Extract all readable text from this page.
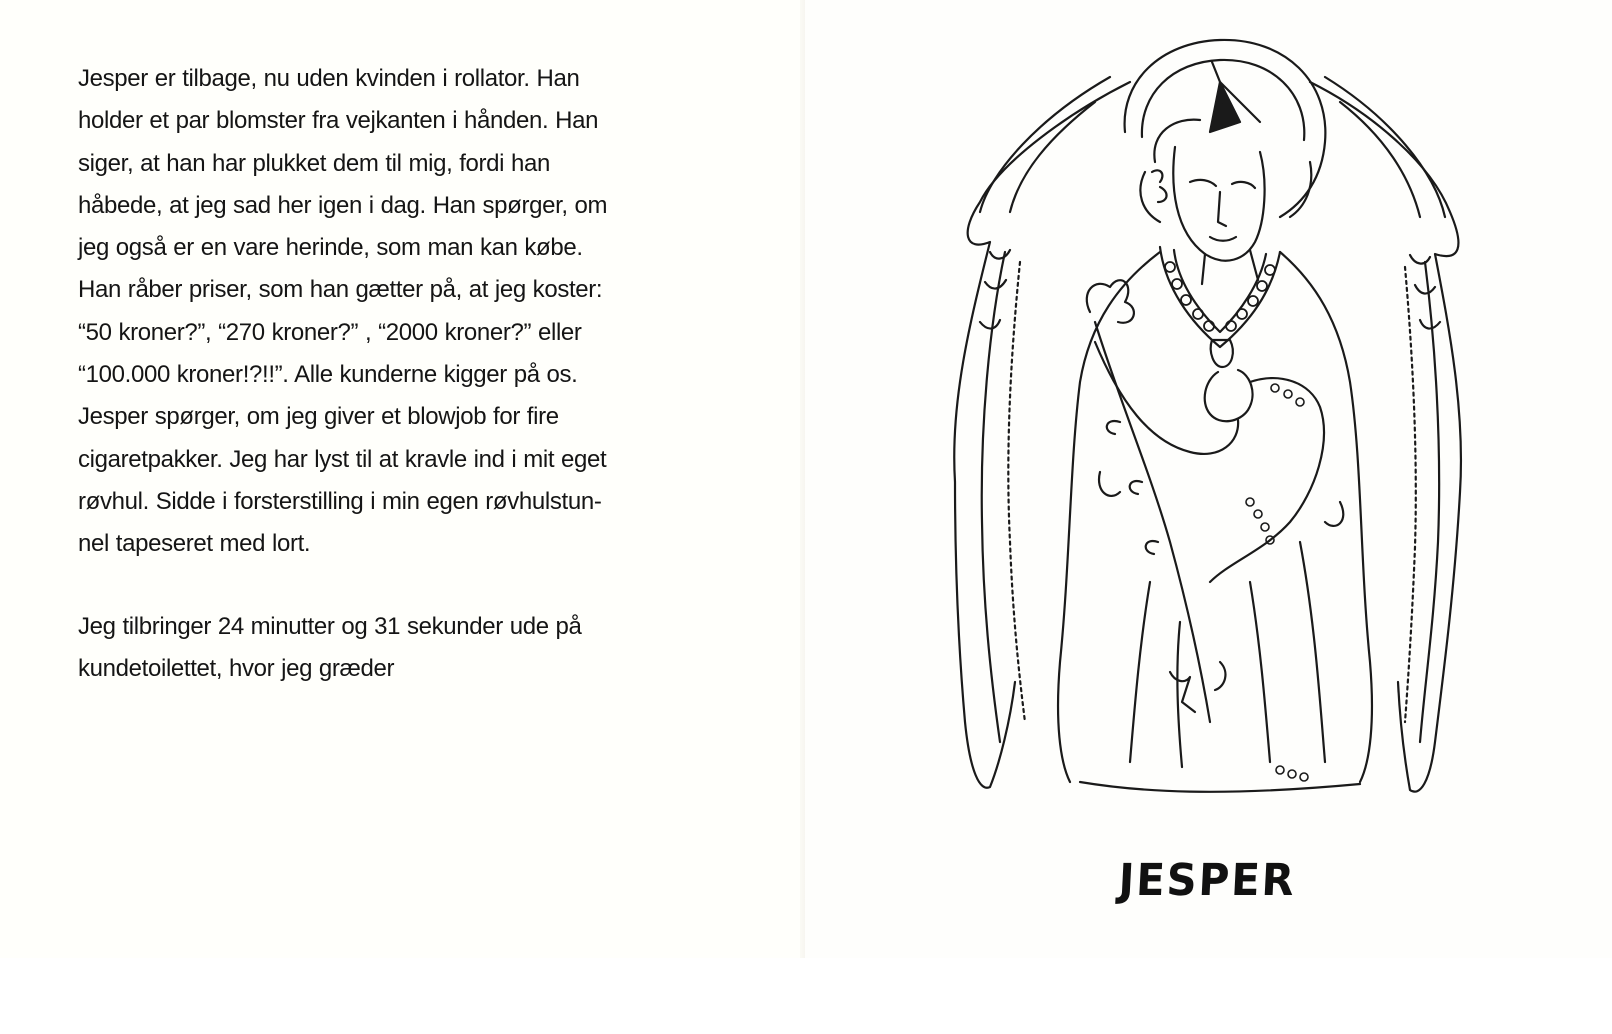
Jesper er tilbage, nu uden kvinden i rollator. Han
holder et par blomster fra vejkanten i hånden. Han
siger, at han har plukket dem til mig, fordi han
håbede, at jeg sad her igen i dag. Han spørger, om
jeg også er en vare herinde, som man kan købe.
Han råber priser, som han gætter på, at jeg koster:
“50 kroner?”, “270 kroner?” , “2000 kroner?” eller
“100.000 kroner!?!!”. Alle kunderne kigger på os.
Jesper spørger, om jeg giver et blowjob for fire
cigaretpakker. Jeg har lyst til at kravle ind i mit eget
røvhul. Sidde i forsterstilling i min egen røvhulstun-
nel tapeseret med lort.
Jeg tilbringer 24 minutter og 31 sekunder ude på
kundetoilettet, hvor jeg græder
JESPER
